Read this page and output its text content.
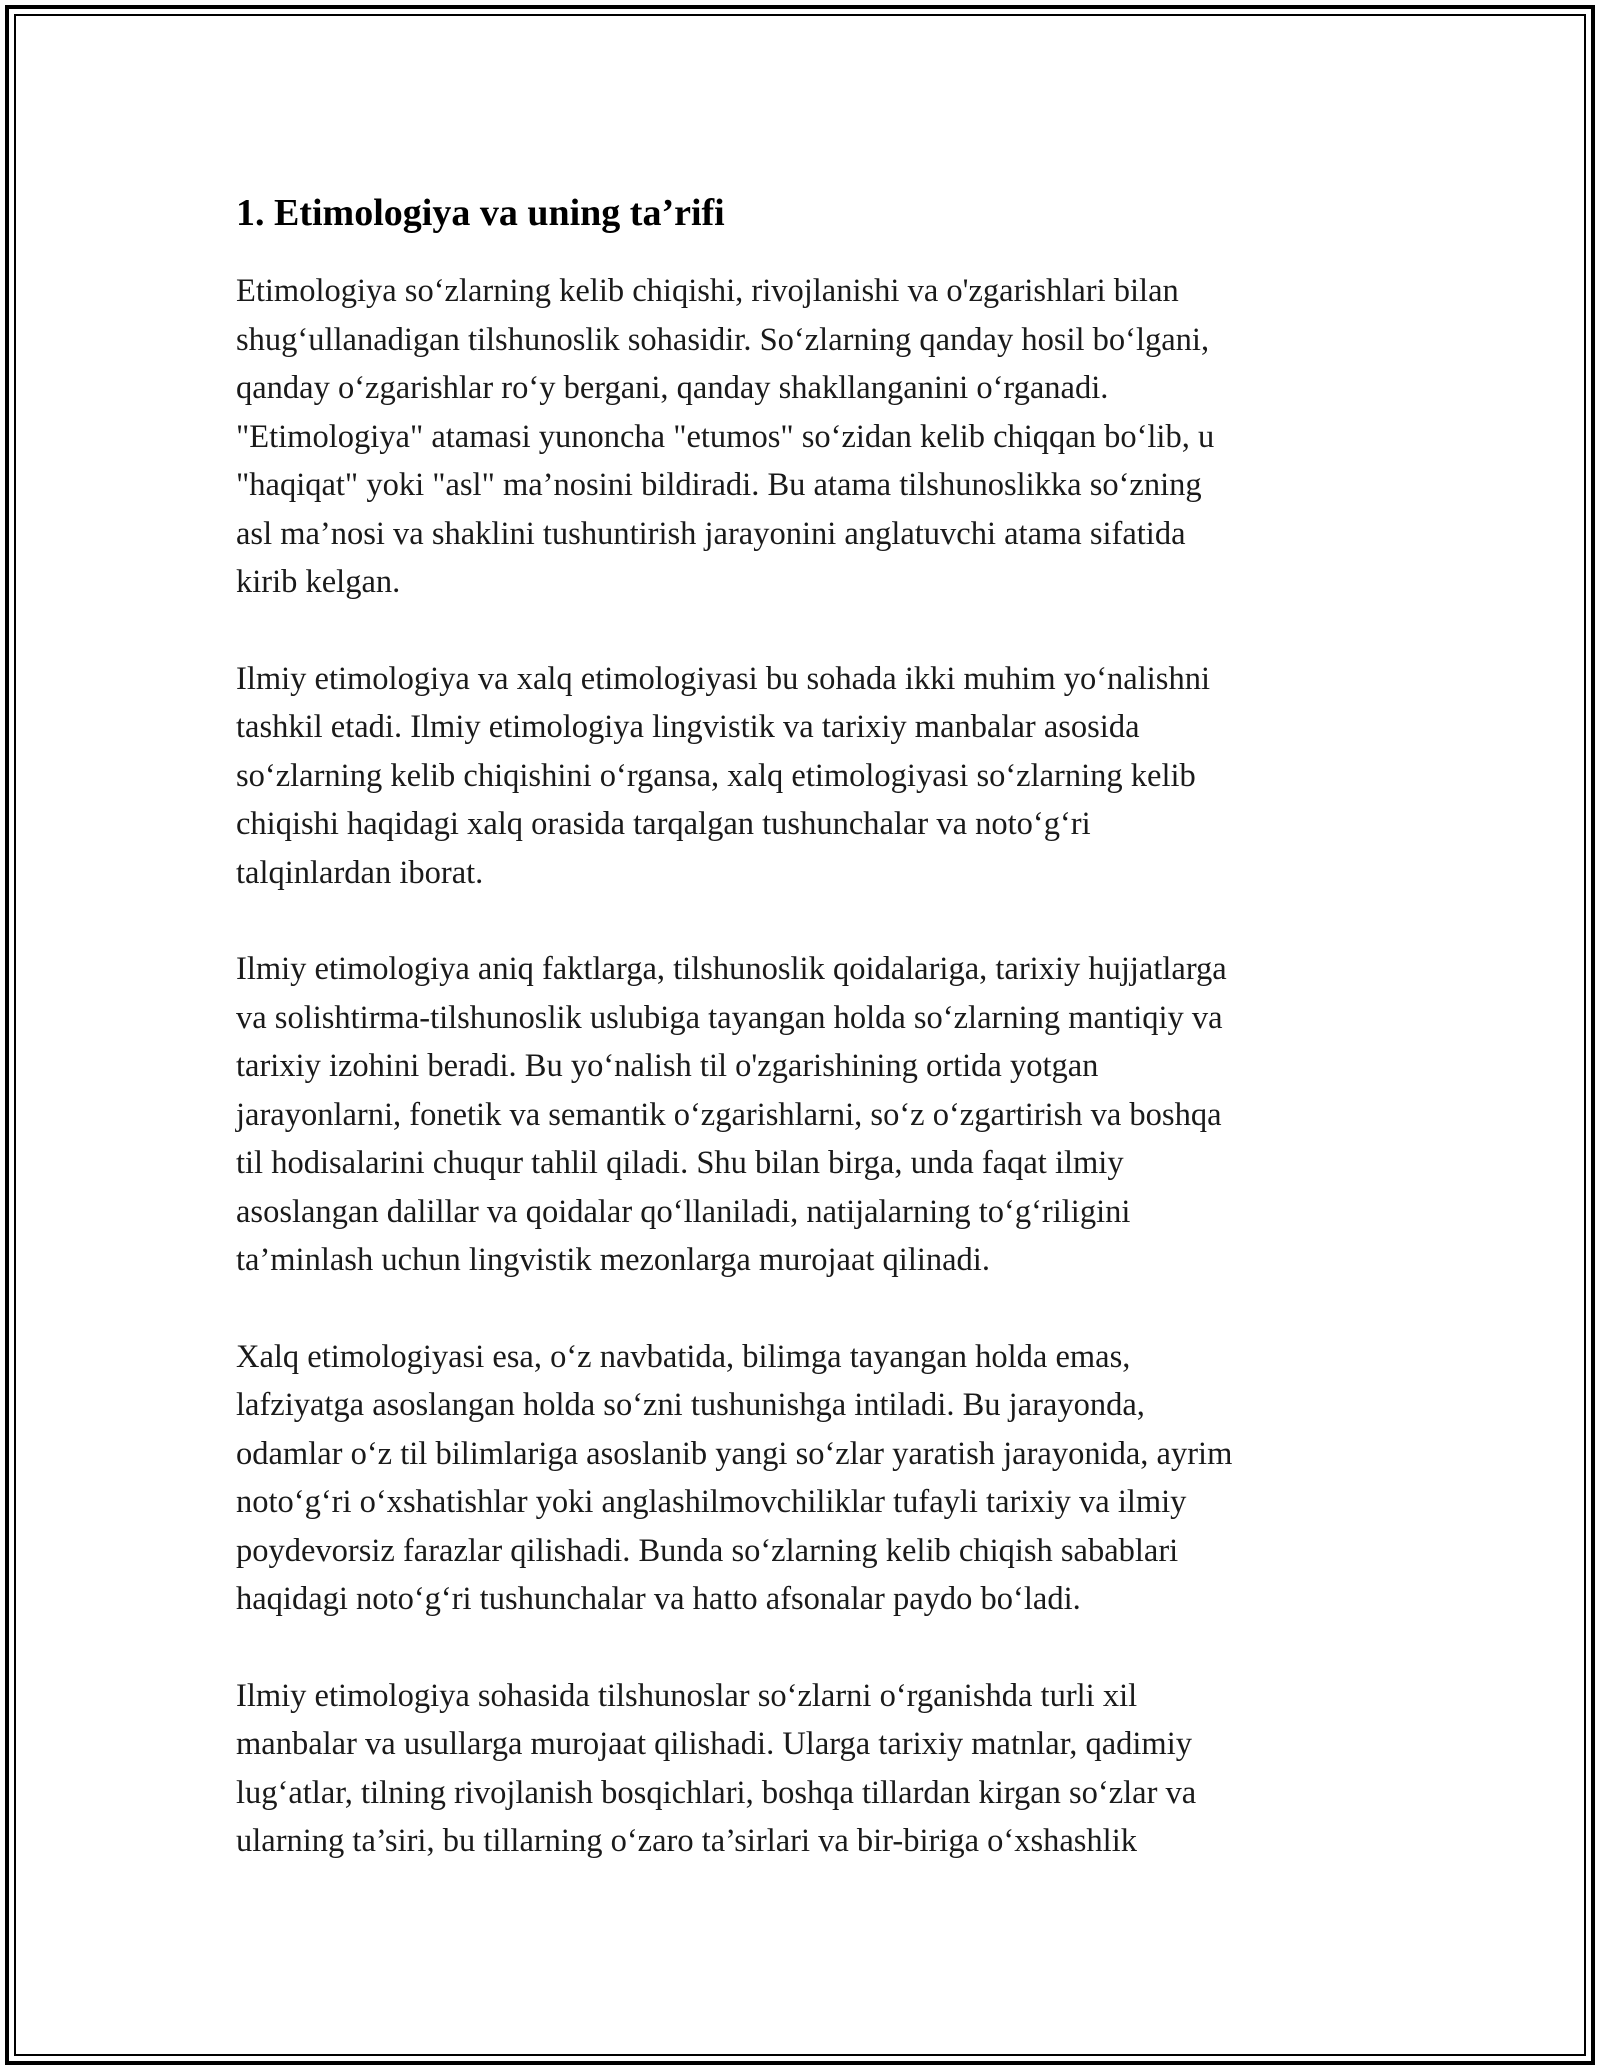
1. Etimologiya va uning ta’rifi

Etimologiya so‘zlarning kelib chiqishi, rivojlanishi va o'zgarishlari bilan
shug‘ullanadigan tilshunoslik sohasidir. So‘zlarning qanday hosil bo‘lgani,
qanday o‘zgarishlar ro‘y bergani, qanday shakllanganini o‘rganadi.
"Etimologiya" atamasi yunoncha "etumos" so‘zidan kelib chiqqan bo‘lib, u
"haqiqat" yoki "asl" ma’nosini bildiradi. Bu atama tilshunoslikka so‘zning
asl ma’nosi va shaklini tushuntirish jarayonini anglatuvchi atama sifatida
kirib kelgan.

Ilmiy etimologiya va xalq etimologiyasi bu sohada ikki muhim yo‘nalishni
tashkil etadi. Ilmiy etimologiya lingvistik va tarixiy manbalar asosida
so‘zlarning kelib chiqishini o‘rgansa, xalq etimologiyasi so‘zlarning kelib
chiqishi haqidagi xalq orasida tarqalgan tushunchalar va noto‘g‘ri
talqinlardan iborat.

Ilmiy etimologiya aniq faktlarga, tilshunoslik qoidalariga, tarixiy hujjatlarga
va solishtirma-tilshunoslik uslubiga tayangan holda so‘zlarning mantiqiy va
tarixiy izohini beradi. Bu yo‘nalish til o'zgarishining ortida yotgan
jarayonlarni, fonetik va semantik o‘zgarishlarni, so‘z o‘zgartirish va boshqa
til hodisalarini chuqur tahlil qiladi. Shu bilan birga, unda faqat ilmiy
asoslangan dalillar va qoidalar qo‘llaniladi, natijalarning to‘g‘riligini
ta’minlash uchun lingvistik mezonlarga murojaat qilinadi.

Xalq etimologiyasi esa, o‘z navbatida, bilimga tayangan holda emas,
lafziyatga asoslangan holda so‘zni tushunishga intiladi. Bu jarayonda,
odamlar o‘z til bilimlariga asoslanib yangi so‘zlar yaratish jarayonida, ayrim
noto‘g‘ri o‘xshatishlar yoki anglashilmovchiliklar tufayli tarixiy va ilmiy
poydevorsiz farazlar qilishadi. Bunda so‘zlarning kelib chiqish sabablari
haqidagi noto‘g‘ri tushunchalar va hatto afsonalar paydo bo‘ladi.

Ilmiy etimologiya sohasida tilshunoslar so‘zlarni o‘rganishda turli xil
manbalar va usullarga murojaat qilishadi. Ularga tarixiy matnlar, qadimiy
lug‘atlar, tilning rivojlanish bosqichlari, boshqa tillardan kirgan so‘zlar va
ularning ta’siri, bu tillarning o‘zaro ta’sirlari va bir-biriga o‘xshashlik
